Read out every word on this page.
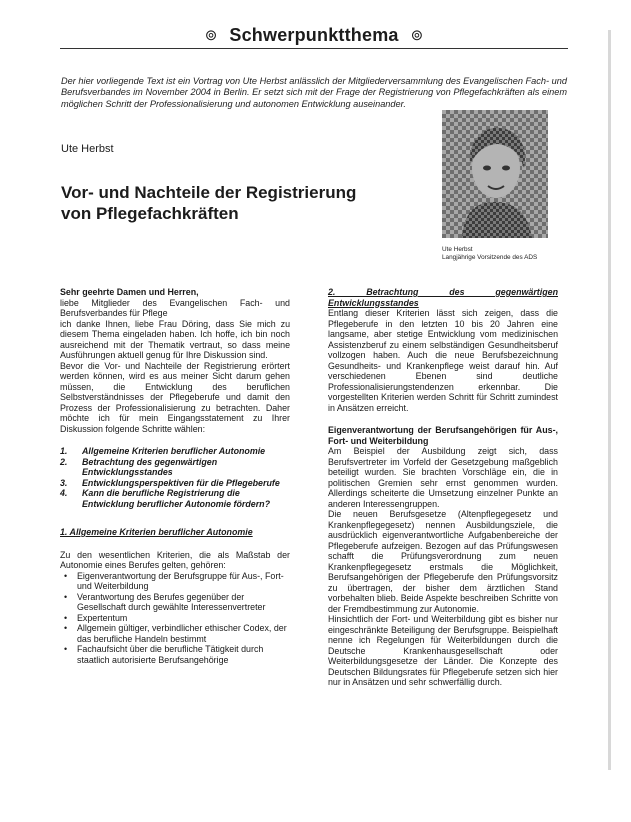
⊚ Schwerpunktthema ⊚

Der hier vorliegende Text ist ein Vortrag von Ute Herbst anlässlich der Mitgliederversammlung des Evangelischen Fach- und Berufsverbandes im November 2004 in Berlin. Er setzt sich mit der Frage der Registrierung von Pflegefachkräften als einem möglichen Schritt der Professionalisierung und autonomen Entwicklung auseinander.

Ute Herbst
Ute Herbst
Langjährige Vorsitzende des ADS
Vor- und Nachteile der Registrierung
von Pflegefachkräften

Sehr geehrte Damen und Herren,

liebe Mitglieder des Evangelischen Fach- und Berufsverbandes für Pflege

ich danke Ihnen, liebe Frau Döring, dass Sie mich zu diesem Thema eingeladen haben. Ich hoffe, ich bin noch ausreichend mit der Thematik vertraut, so dass meine Ausführungen aktuell genug für Ihre Diskussion sind.

Bevor die Vor- und Nachteile der Registrierung erörtert werden können, wird es aus meiner Sicht darum gehen müssen, die Entwicklung des beruflichen Selbstverständnisses der Pflegeberufe und damit den Prozess der Professionalisierung zu betrachten. Daher möchte ich für mein Eingangsstatement zu Ihrer Diskussion folgende Schritte wählen:

1. Allgemeine Kriterien beruflicher Autonomie
2. Betrachtung des gegenwärtigen Entwicklungsstandes
3. Entwicklungsperspektiven für die Pflegeberufe
4. Kann die berufliche Registrierung die Entwicklung beruflicher Autonomie fördern?

1. Allgemeine Kriterien beruflicher Autonomie

Zu den wesentlichen Kriterien, die als Maßstab der Autonomie eines Berufes gelten, gehören:

• Eigenverantwortung der Berufsgruppe für Aus-, Fort- und Weiterbildung
• Verantwortung des Berufes gegenüber der Gesellschaft durch gewählte Interessenvertreter
• Expertentum
• Allgemein gültiger, verbindlicher ethischer Codex, der das berufliche Handeln bestimmt
• Fachaufsicht über die berufliche Tätigkeit durch staatlich autorisierte Berufsangehörige

2. Betrachtung des gegenwärtigen Entwicklungsstandes

Entlang dieser Kriterien lässt sich zeigen, dass die Pflegeberufe in den letzten 10 bis 20 Jahren eine langsame, aber stetige Entwicklung vom medizinischen Assistenzberuf zu einem selbständigen Gesundheitsberuf vollzogen haben. Auch die neue Berufsbezeichnung Gesundheits- und Krankenpflege weist darauf hin. Auf verschiedenen Ebenen sind deutliche Professionalisierungstendenzen erkennbar. Die vorgestellten Kriterien werden Schritt für Schritt zumindest in Ansätzen erreicht.

Eigenverantwortung der Berufsangehörigen für Aus-, Fort- und Weiterbildung

Am Beispiel der Ausbildung zeigt sich, dass Berufsvertreter im Vorfeld der Gesetzgebung maßgeblich beteiligt wurden. Sie brachten Vorschläge ein, die in politischen Gremien sehr ernst genommen wurden. Allerdings scheiterte die Umsetzung einzelner Punkte an anderen Interessengruppen.

Die neuen Berufsgesetze (Altenpflegegesetz und Krankenpflegegesetz) nennen Ausbildungsziele, die ausdrücklich eigenverantwortliche Aufgabenbereiche der Pflegeberufe aufzeigen. Bezogen auf das Prüfungswesen schafft die Prüfungsverordnung zum neuen Krankenpflegegesetz erstmals die Möglichkeit, Berufsangehörigen der Pflegeberufe den Prüfungsvorsitz zu übertragen, der bisher dem ärztlichen Stand vorbehalten blieb. Beide Aspekte beschreiben Schritte von der Fremdbestimmung zur Autonomie.

Hinsichtlich der Fort- und Weiterbildung gibt es bisher nur eingeschränkte Beteiligung der Berufsgruppe. Beispielhaft nenne ich Regelungen für Weiterbildungen durch die Deutsche Krankenhausgesellschaft oder Weiterbildungsgesetze der Länder. Die Konzepte des Deutschen Bildungsrates für Pflegeberufe setzen sich hier nur in Ansätzen und sehr schwerfällig durch.
